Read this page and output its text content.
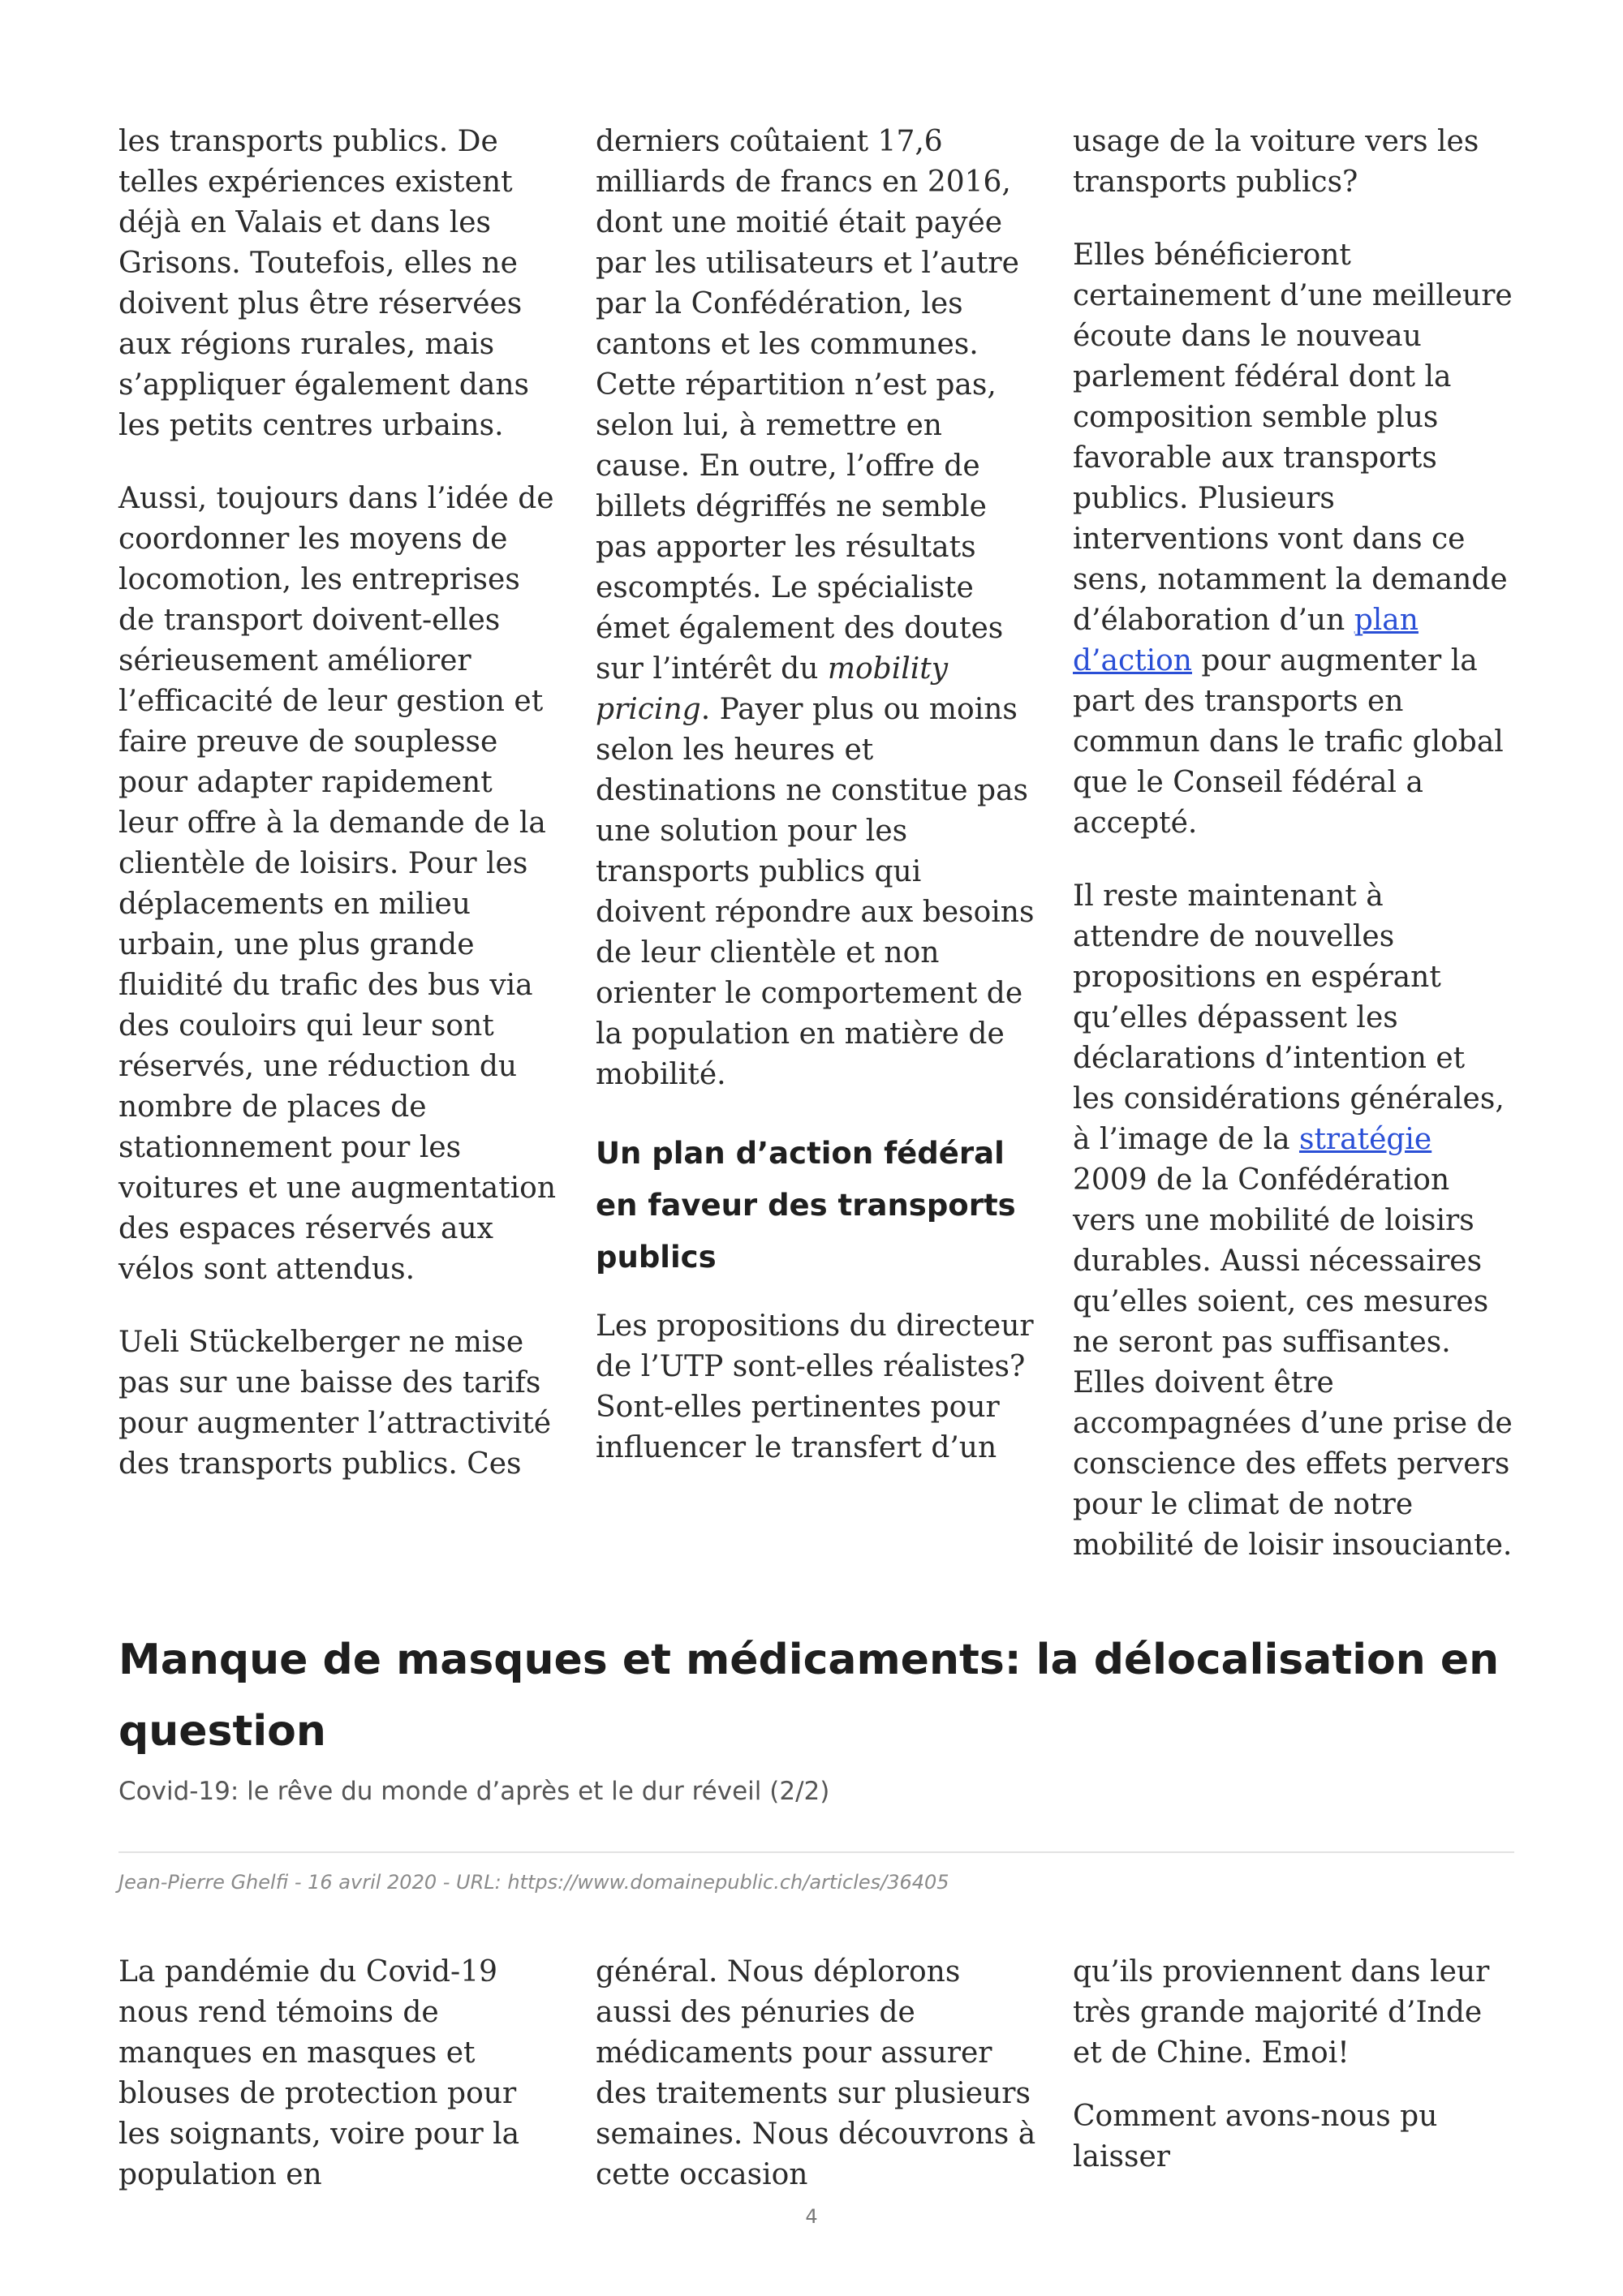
les transports publics. De telles expériences existent déjà en Valais et dans les Grisons. Toutefois, elles ne doivent plus être réservées aux régions rurales, mais s’appliquer également dans les petits centres urbains.

Aussi, toujours dans l’idée de coordonner les moyens de locomotion, les entreprises de transport doivent-elles sérieusement améliorer l’efficacité de leur gestion et faire preuve de souplesse pour adapter rapidement leur offre à la demande de la clientèle de loisirs. Pour les déplacements en milieu urbain, une plus grande fluidité du trafic des bus via des couloirs qui leur sont réservés, une réduction du nombre de places de stationnement pour les voitures et une augmentation des espaces réservés aux vélos sont attendus.

Ueli Stückelberger ne mise pas sur une baisse des tarifs pour augmenter l’attractivité des transports publics. Ces

derniers coûtaient 17,6 milliards de francs en 2016, dont une moitié était payée par les utilisateurs et l’autre par la Confédération, les cantons et les communes. Cette répartition n’est pas, selon lui, à remettre en cause. En outre, l’offre de billets dégriffés ne semble pas apporter les résultats escomptés. Le spécialiste émet également des doutes sur l’intérêt du mobility pricing. Payer plus ou moins selon les heures et destinations ne constitue pas une solution pour les transports publics qui doivent répondre aux besoins de leur clientèle et non orienter le comportement de la population en matière de mobilité.

Un plan d’action fédéral en faveur des transports publics

Les propositions du directeur de l’UTP sont-elles réalistes? Sont-elles pertinentes pour influencer le transfert d’un

usage de la voiture vers les transports publics?

Elles bénéficieront certainement d’une meilleure écoute dans le nouveau parlement fédéral dont la composition semble plus favorable aux transports publics. Plusieurs interventions vont dans ce sens, notamment la demande d’élaboration d’un plan d’action pour augmenter la part des transports en commun dans le trafic global que le Conseil fédéral a accepté.

Il reste maintenant à attendre de nouvelles propositions en espérant qu’elles dépassent les déclarations d’intention et les considérations générales, à l’image de la stratégie 2009 de la Confédération vers une mobilité de loisirs durables. Aussi nécessaires qu’elles soient, ces mesures ne seront pas suffisantes. Elles doivent être accompagnées d’une prise de conscience des effets pervers pour le climat de notre mobilité de loisir insouciante.

Manque de masques et médicaments: la délocalisation en question

Covid-19: le rêve du monde d’après et le dur réveil (2/2)

Jean-Pierre Ghelfi - 16 avril 2020 - URL: https://www.domainepublic.ch/articles/36405

La pandémie du Covid-19 nous rend témoins de manques en masques et blouses de protection pour les soignants, voire pour la population en

général. Nous déplorons aussi des pénuries de médicaments pour assurer des traitements sur plusieurs semaines. Nous découvrons à cette occasion

qu’ils proviennent dans leur très grande majorité d’Inde et de Chine. Emoi!

Comment avons-nous pu laisser

4
